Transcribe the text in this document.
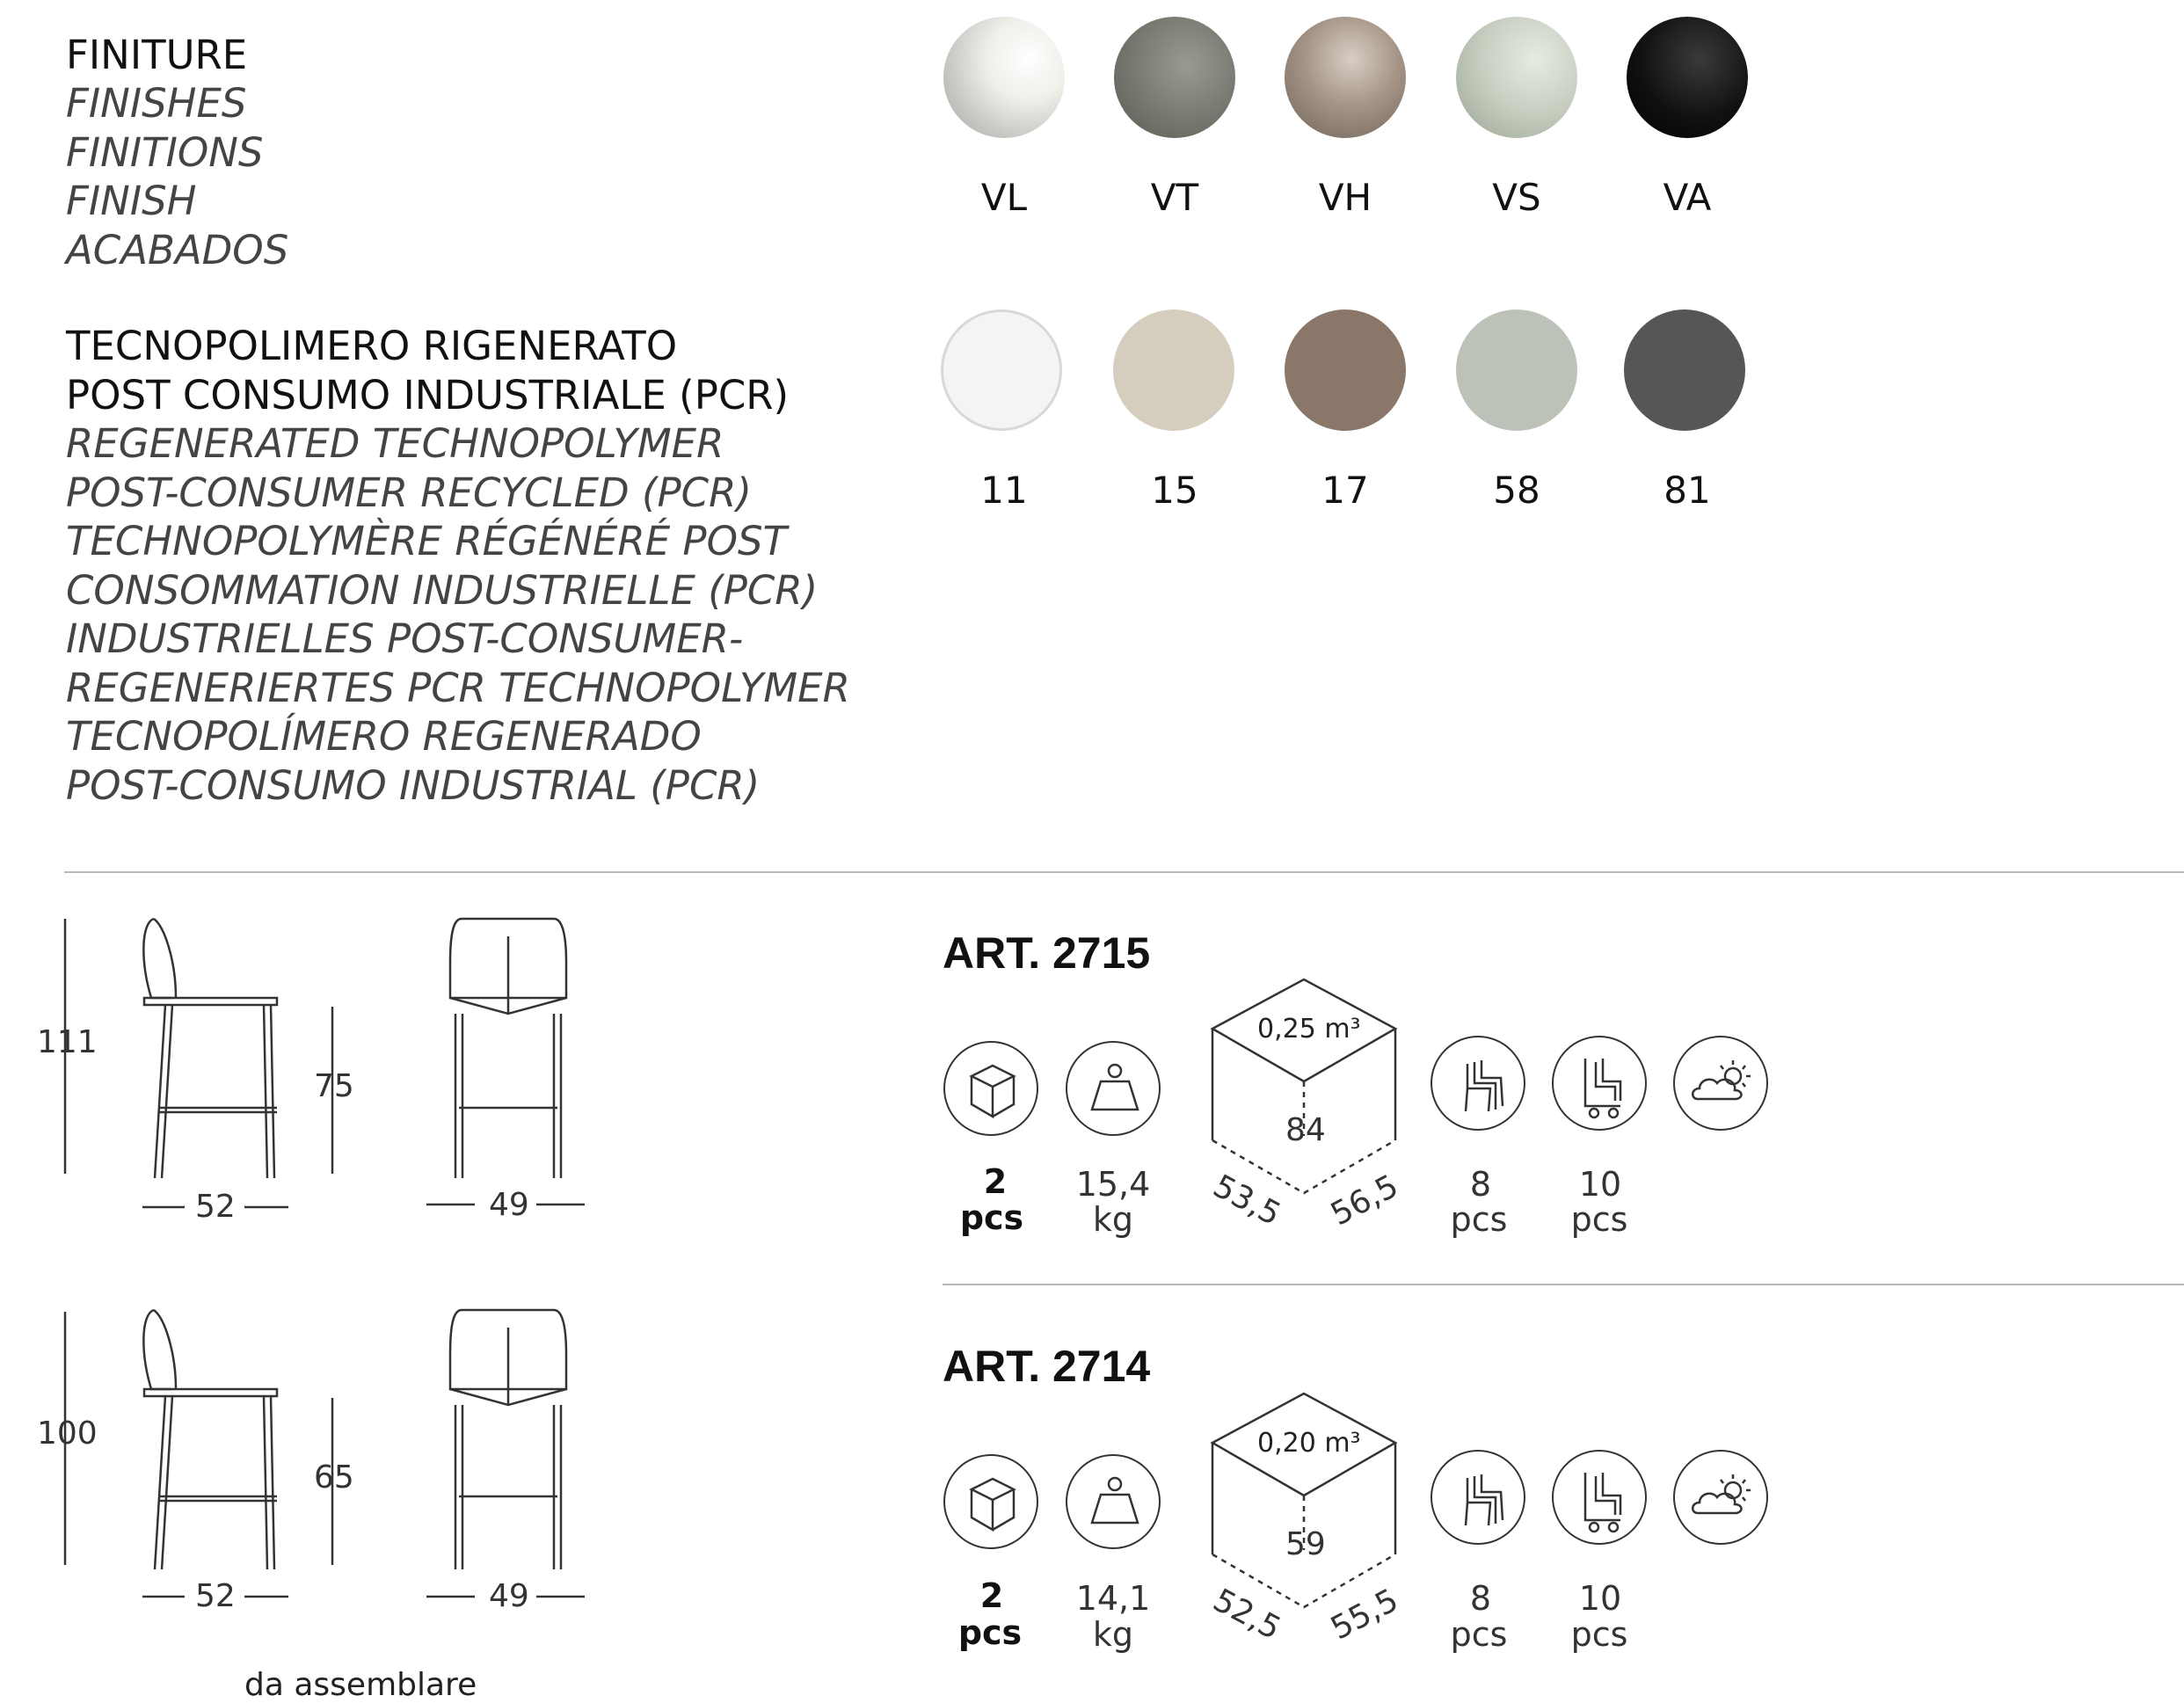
FINITURE
FINISHES
FINITIONS
FINISH
ACABADOS
VL	VT	VH	VS	VA
TECNOPOLIMERO RIGENERATO
POST CONSUMO INDUSTRIALE (PCR)
REGENERATED TECHNOPOLYMER
POST-CONSUMER RECYCLED (PCR)
TECHNOPOLYMÈRE RÉGÉNÉRÉ POST
CONSOMMATION INDUSTRIELLE (PCR)
INDUSTRIELLES POST-CONSUMER-
REGENERIERTES PCR TECHNOPOLYMER
TECNOPOLÍMERO REGENERADO
POST-CONSUMO INDUSTRIAL (PCR)
11	15	17	58	81
111
75
52	49
ART. 2715
0,25 m³
84
53,5 56,5
2
pcs
15,4
kg
8
pcs
10
pcs
100
65
52	49
ART. 2714
0,20 m³
59
52,5 55,5
2
pcs
14,1
kg
8
pcs
10
pcs
da assemblare
